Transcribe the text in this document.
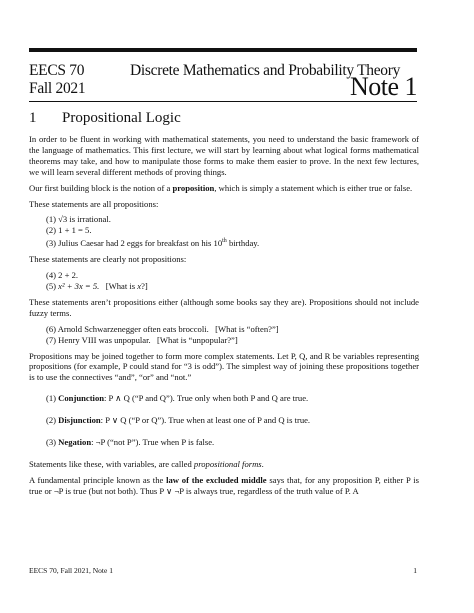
EECS 70	Discrete Mathematics and Probability Theory
Fall 2021	Note 1
1 Propositional Logic

In order to be fluent in working with mathematical statements, you need to understand the basic framework of the language of mathematics. This first lecture, we will start by learning about what logical forms mathematical theorems may take, and how to manipulate those forms to make them easier to prove. In the next few lectures, we will learn several different methods of proving things.

Our first building block is the notion of a proposition, which is simply a statement which is either true or false.

These statements are all propositions:

(1) √3 is irrational.
(2) 1 + 1 = 5.
(3) Julius Caesar had 2 eggs for breakfast on his 10th birthday.

These statements are clearly not propositions:

(4) 2 + 2.
(5) x² + 3x = 5. [What is x?]

These statements aren’t propositions either (although some books say they are). Propositions should not include fuzzy terms.

(6) Arnold Schwarzenegger often eats broccoli.   [What is “often?”]
(7) Henry VIII was unpopular.   [What is “unpopular?”]

Propositions may be joined together to form more complex statements. Let P, Q, and R be variables representing propositions (for example, P could stand for “3 is odd”). The simplest way of joining these propositions together is to use the connectives “and”, “or” and “not.”

(1) Conjunction: P ∧ Q (“P and Q”). True only when both P and Q are true.
(2) Disjunction: P ∨ Q (“P or Q”). True when at least one of P and Q is true.
(3) Negation: ¬P (“not P”). True when P is false.

Statements like these, with variables, are called propositional forms.

A fundamental principle known as the law of the excluded middle says that, for any proposition P, either P is true or ¬P is true (but not both). Thus P ∨ ¬P is always true, regardless of the truth value of P. A

EECS 70, Fall 2021, Note 1	1
